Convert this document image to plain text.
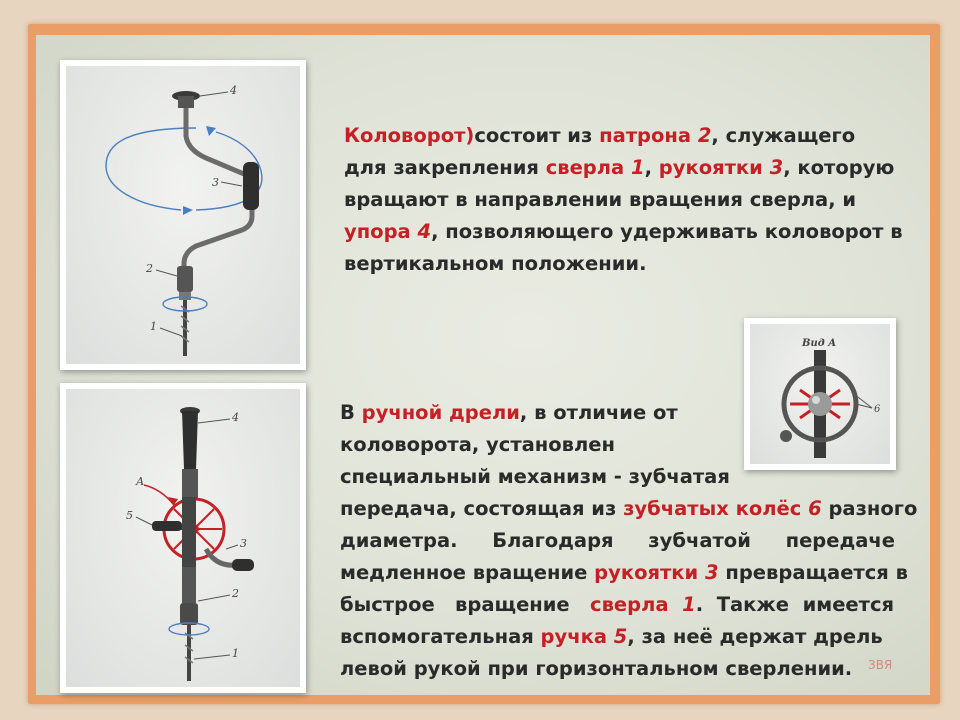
4
3
2
1
4
А
5
3
2
1
Вид А
6

Коловорот)состоит из патрона 2, служащего для закрепления сверла 1, рукоятки 3, которую вращают в направлении вращения сверла, и упора 4, позволяющего удерживать коловорот в вертикальном положении.

В ручной дрели, в отличие от
коловорота, установлен
специальный механизм - зубчатая
передача, состоящая из зубчатых колёс 6 разного
диаметра.   Благодаря   зубчатой   передаче
медленное вращение рукоятки 3 превращается в
быстрое   вращение   сверла 1.  Также  имеется
вспомогательная ручка 5, за неё держат дрель
левой рукой при горизонтальном сверлении. ЗВЯ
